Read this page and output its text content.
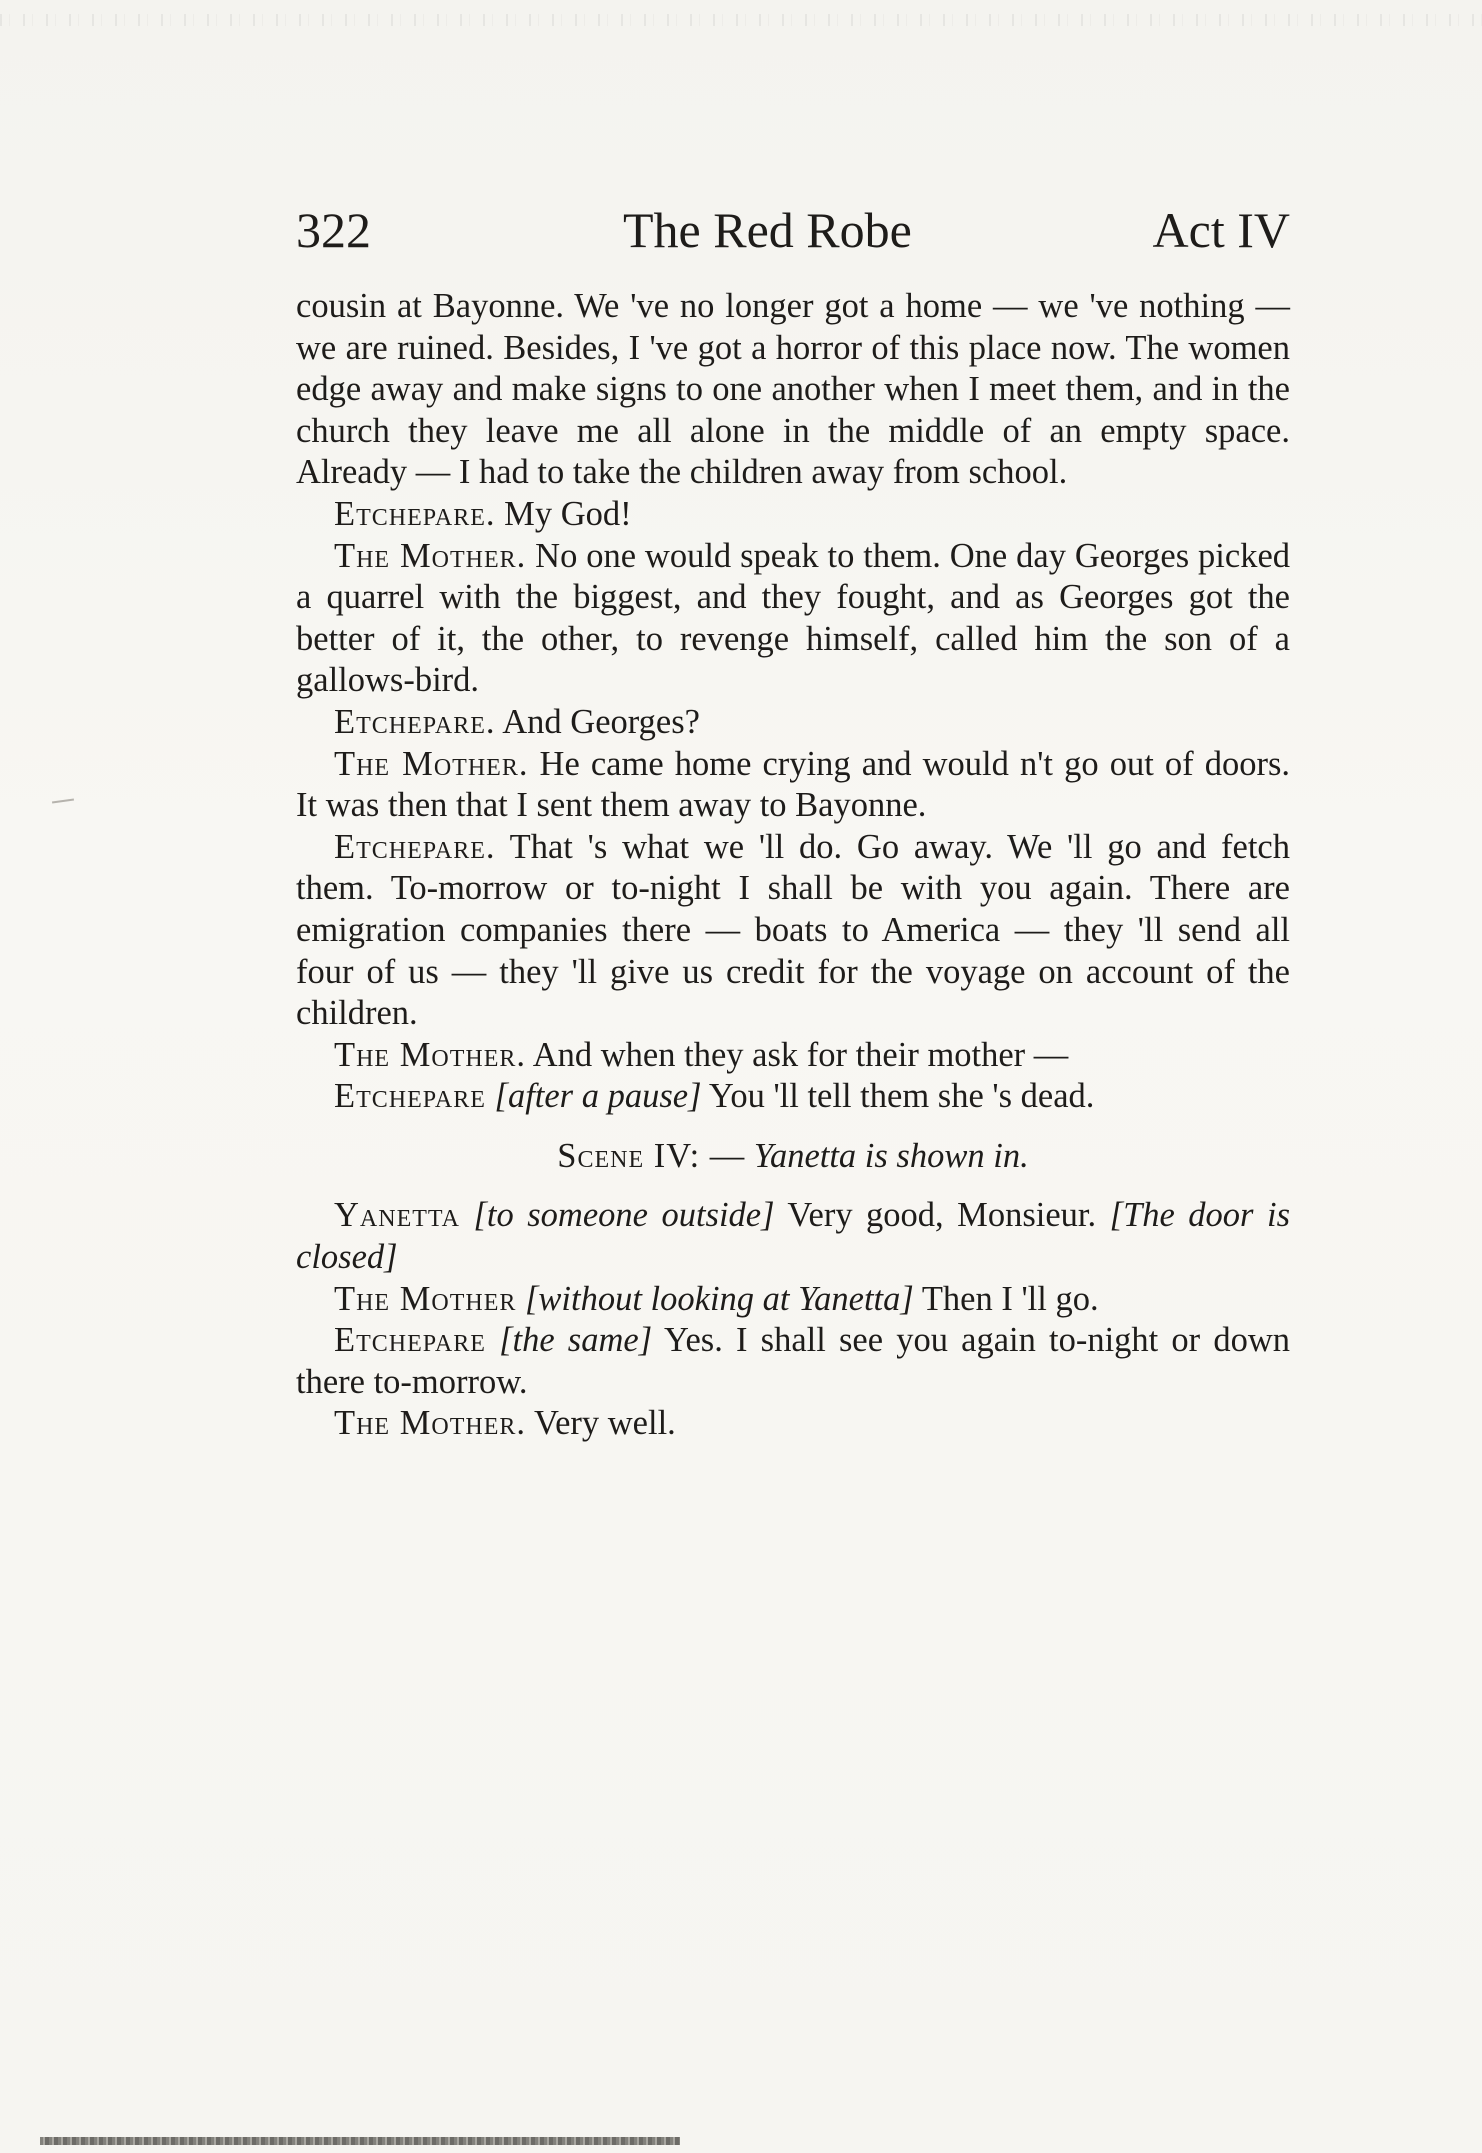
322	The Red Robe	Act IV

cousin at Bayonne. We 've no longer got a home — we 've nothing — we are ruined. Besides, I 've got a horror of this place now. The women edge away and make signs to one another when I meet them, and in the church they leave me all alone in the middle of an empty space. Already — I had to take the children away from school.

Etchepare. My God!

The Mother. No one would speak to them. One day Georges picked a quarrel with the biggest, and they fought, and as Georges got the better of it, the other, to revenge himself, called him the son of a gallows-bird.

Etchepare. And Georges?

The Mother. He came home crying and would n't go out of doors. It was then that I sent them away to Bayonne.

Etchepare. That 's what we 'll do. Go away. We 'll go and fetch them. To-morrow or to-night I shall be with you again. There are emigration companies there — boats to America — they 'll send all four of us — they 'll give us credit for the voyage on account of the children.

The Mother. And when they ask for their mother —

Etchepare [after a pause] You 'll tell them she 's dead.

Scene IV: — Yanetta is shown in.

Yanetta [to someone outside] Very good, Monsieur. [The door is closed]

The Mother [without looking at Yanetta] Then I 'll go.

Etchepare [the same] Yes. I shall see you again to-night or down there to-morrow.

The Mother. Very well.
